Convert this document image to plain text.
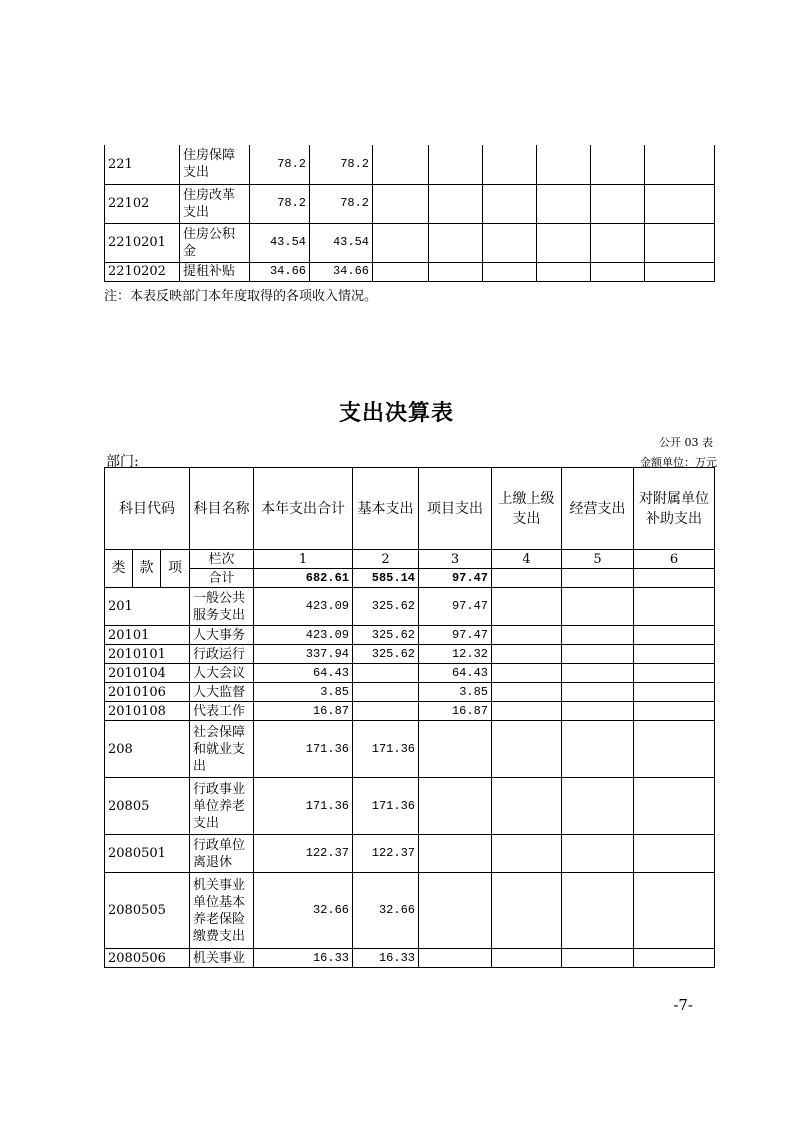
221	住房保障支出	78.2	78.2						
22102	住房改革支出	78.2	78.2						
2210201	住房公积金	43.54	43.54						
2210202	提租补贴	34.66	34.66						
注：本表反映部门本年度取得的各项收入情况。
支出决算表
公开 03 表
部门:	金额单位：万元
科目代码			科目名称	本年支出合计	基本支出	项目支出	上缴上级支出	经营支出	对附属单位补助支出
类	款	项	栏次	1	2	3	4	5	6
			合计	682.61	585.14	97.47			
201			一般公共服务支出	423.09	325.62	97.47			
20101			人大事务	423.09	325.62	97.47			
2010101			行政运行	337.94	325.62	12.32			
2010104			人大会议	64.43		64.43			
2010106			人大监督	3.85		3.85			
2010108			代表工作	16.87		16.87			
208			社会保障和就业支出	171.36	171.36				
20805			行政事业单位养老支出	171.36	171.36				
2080501			行政单位离退休	122.37	122.37				
2080505			机关事业单位基本养老保险缴费支出	32.66	32.66				
2080506			机关事业	16.33	16.33				
-7-
